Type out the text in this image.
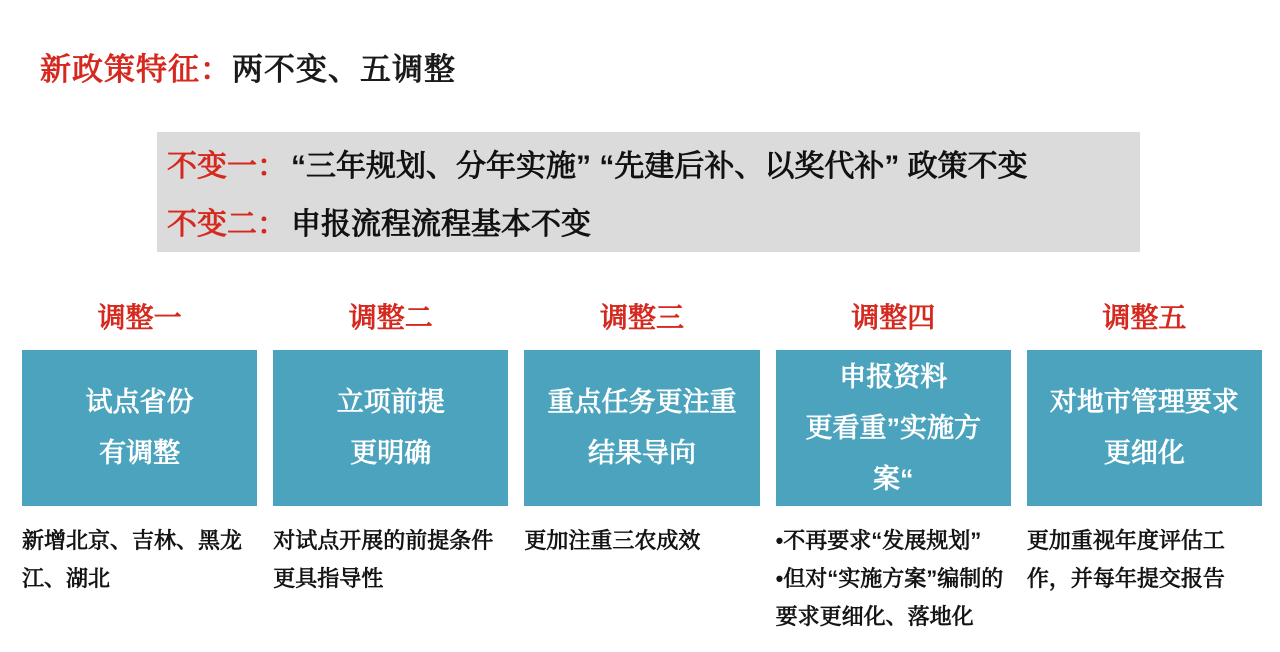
新政策特征：两不变、五调整
不变一： “三年规划、分年实施” “先建后补、以奖代补” 政策不变
不变二： 申报流程流程基本不变
调整一
试点省份
有调整
新增北京、吉林、黑龙江、湖北
调整二
立项前提
更明确
对试点开展的前提条件更具指导性
调整三
重点任务更注重
结果导向
更加注重三农成效
调整四
申报资料
更看重”实施方
案“
•不再要求“发展规划”
•但对“实施方案”编制的要求更细化、落地化
调整五
对地市管理要求
更细化
更加重视年度评估工作，并每年提交报告
